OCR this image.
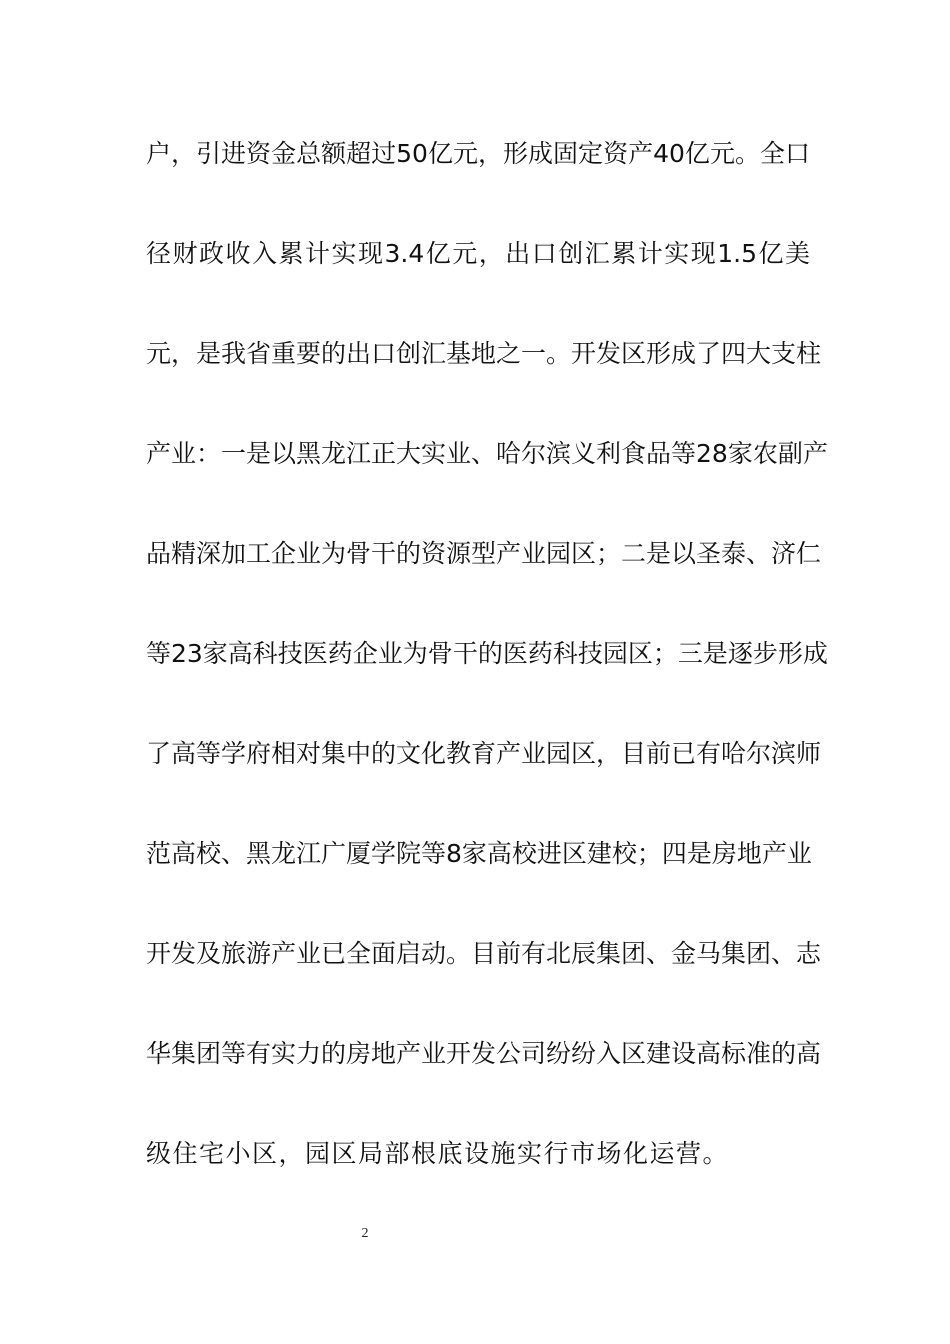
户，引进资金总额超过50亿元，形成固定资产40亿元。全口
径财政收入累计实现3.4亿元，出口创汇累计实现1.5亿美
元，是我省重要的出口创汇基地之一。开发区形成了四大支柱
产业：一是以黑龙江正大实业、哈尔滨义利食品等28家农副产
品精深加工企业为骨干的资源型产业园区；二是以圣泰、济仁
等23家高科技医药企业为骨干的医药科技园区；三是逐步形成
了高等学府相对集中的文化教育产业园区，目前已有哈尔滨师
范高校、黑龙江广厦学院等8家高校进区建校；四是房地产业
开发及旅游产业已全面启动。目前有北辰集团、金马集团、志
华集团等有实力的房地产业开发公司纷纷入区建设高标准的高
级住宅小区，园区局部根底设施实行市场化运营。
2
